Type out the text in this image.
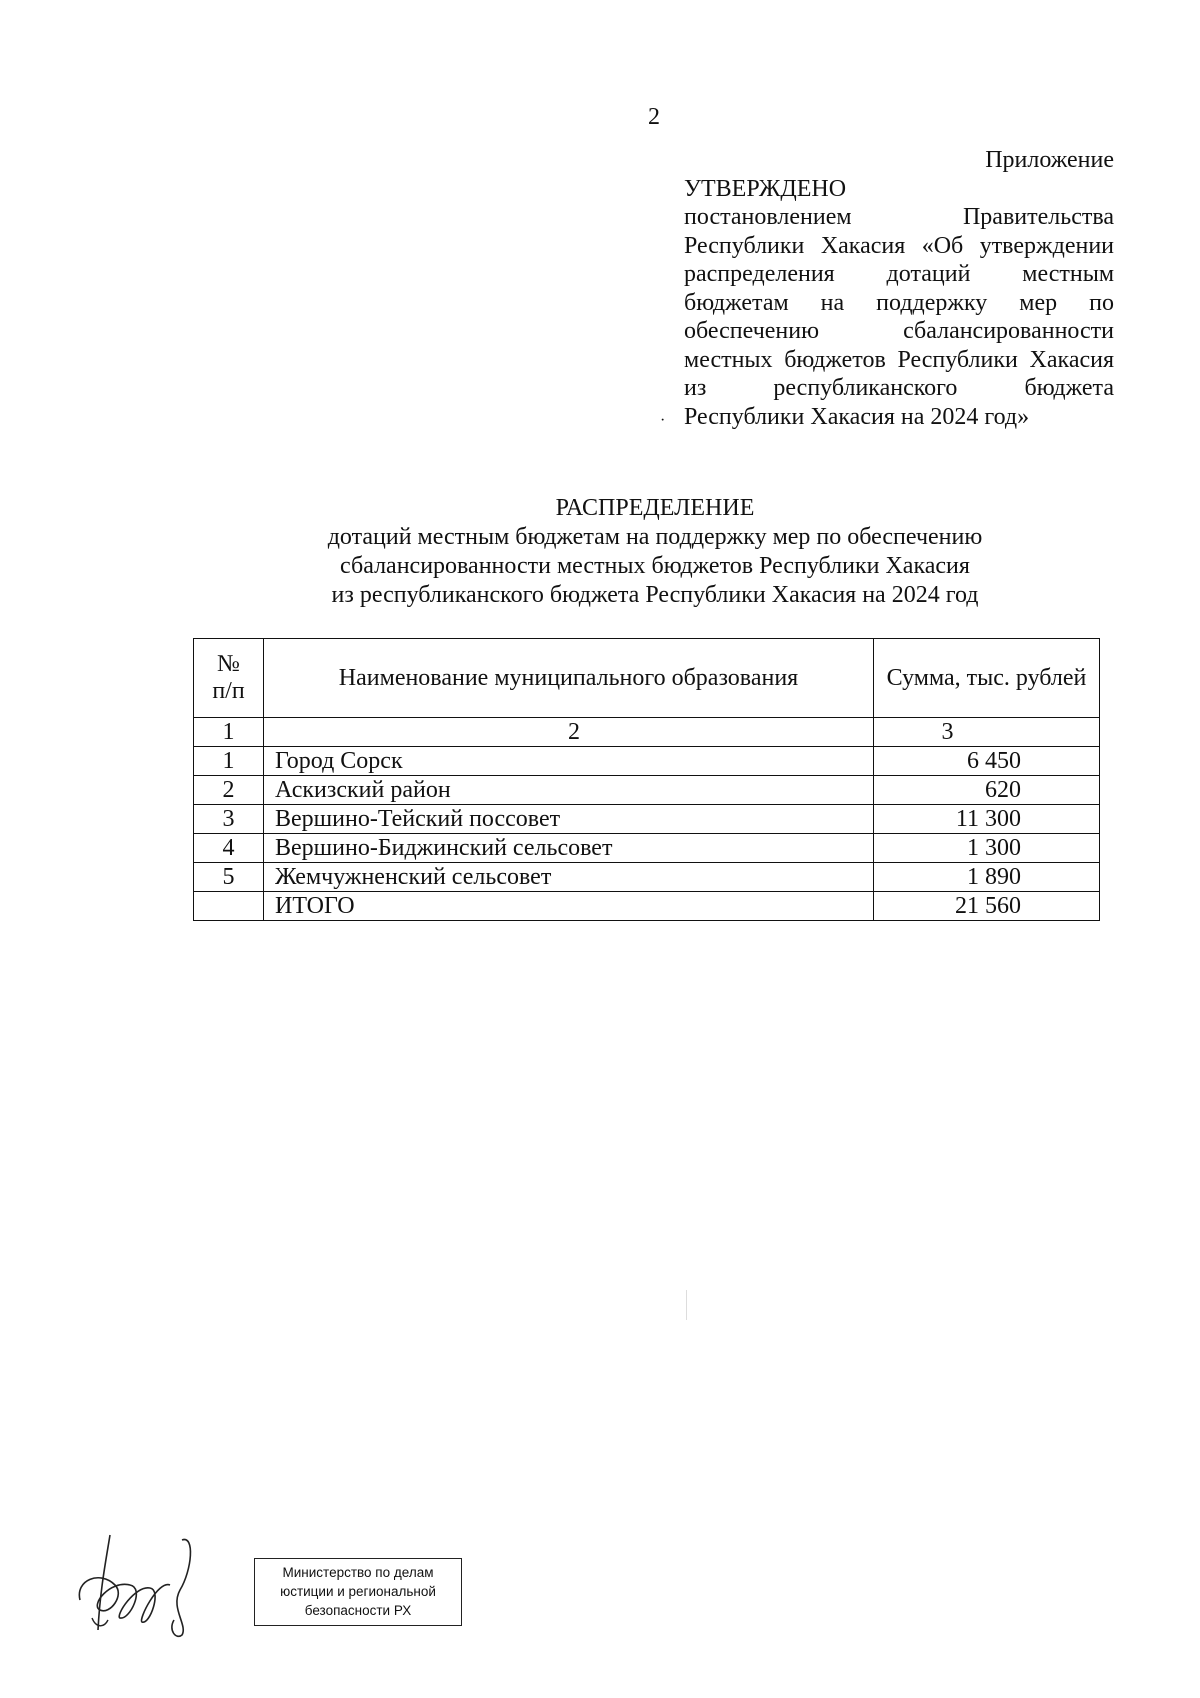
2
Приложение
УТВЕРЖДЕНО
постановлением Правительства Республики Хакасия «Об утверждении распределения дотаций местным бюджетам на поддержку мер по обеспечению сбалансированности местных бюджетов Республики Хакасия из республиканского бюджета Республики Хакасия на 2024 год»
·
РАСПРЕДЕЛЕНИЕ
дотаций местным бюджетам на поддержку мер по обеспечению
сбалансированности местных бюджетов Республики Хакасия
из республиканского бюджета Республики Хакасия на 2024 год
№
п/п	Наименование муниципального образования	Сумма, тыс. рублей
1	2	3
1	Город Сорск	6 450
2	Аскизский район	620
3	Вершино-Тейский поссовет	11 300
4	Вершино-Биджинский сельсовет	1 300
5	Жемчужненский сельсовет	1 890
	ИТОГО	21 560
Министерство по делам
юстиции и региональной
безопасности РХ
